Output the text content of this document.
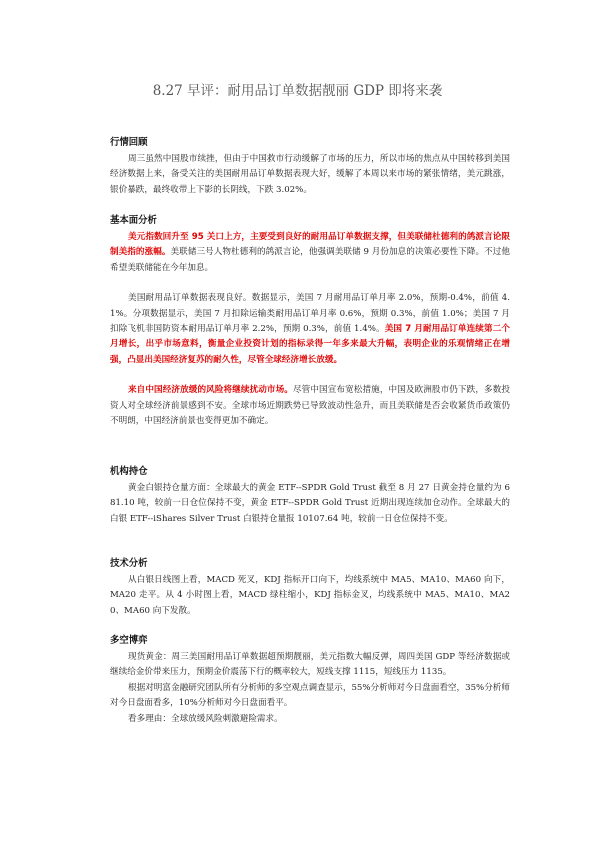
8.27 早评：耐用品订单数据靓丽 GDP 即将来袭

行情回顾

周三虽然中国股市续挫，但由于中国救市行动缓解了市场的压力，所以市场的焦点从中国转移到美国经济数据上来，备受关注的美国耐用品订单数据表现大好，缓解了本周以来市场的紧张情绪，美元跳涨，银价暴跌，最终收带上下影的长阴线，下跌 3.02%。

基本面分析

美元指数回升至 95 关口上方，主要受到良好的耐用品订单数据支撑，但美联储杜德利的鸽派言论限制美指的涨幅。美联储三号人物杜德利的鸽派言论，他强调美联储 9 月份加息的决策必要性下降。不过他希望美联储能在今年加息。

美国耐用品订单数据表现良好。数据显示，美国 7 月耐用品订单月率 2.0%，预期-0.4%，前值 4.1%。分项数据显示，美国 7 月扣除运输类耐用品订单月率 0.6%，预期 0.3%，前值 1.0%；美国 7 月扣除飞机非国防资本耐用品订单月率 2.2%，预期 0.3%，前值 1.4%。美国 7 月耐用品订单连续第二个月增长，出乎市场意料，衡量企业投资计划的指标录得一年多来最大升幅，表明企业的乐观情绪正在增强，凸显出美国经济复苏的耐久性，尽管全球经济增长放缓。

来自中国经济放缓的风险将继续扰动市场。尽管中国宣布宽松措施，中国及欧洲股市仍下跌，多数投资人对全球经济前景感到不安。全球市场近期跌势已导致波动性急升，而且美联储是否会收紧货币政策仍不明朗，中国经济前景也变得更加不确定。

机构持仓

黄金白银持仓量方面：全球最大的黄金 ETF--SPDR Gold Trust 截至 8 月 27 日黄金持仓量约为 681.10 吨，较前一日仓位保持不变，黄金 ETF--SPDR Gold Trust 近期出现连续加仓动作。全球最大的白银 ETF--iShares Silver Trust 白银持仓量报 10107.64 吨，较前一日仓位保持不变。

技术分析

从白银日线图上看，MACD 死叉，KDJ 指标开口向下，均线系统中 MA5、MA10、MA60 向下，MA20 走平。从 4 小时图上看，MACD 绿柱缩小，KDJ 指标金叉，均线系统中 MA5、MA10、MA20、MA60 向下发散。

多空博弈

现货黄金：周三美国耐用品订单数据超预期靓丽，美元指数大幅反弹，周四美国 GDP 等经济数据或继续给金价带来压力，预期金价震荡下行的概率较大，短线支撑 1115，短线压力 1135。

根据对明富金融研究团队所有分析师的多空观点调查显示，55%分析师对今日盘面看空，35%分析师对今日盘面看多，10%分析师对今日盘面看平。

看多理由：全球放缓风险刺激避险需求。
